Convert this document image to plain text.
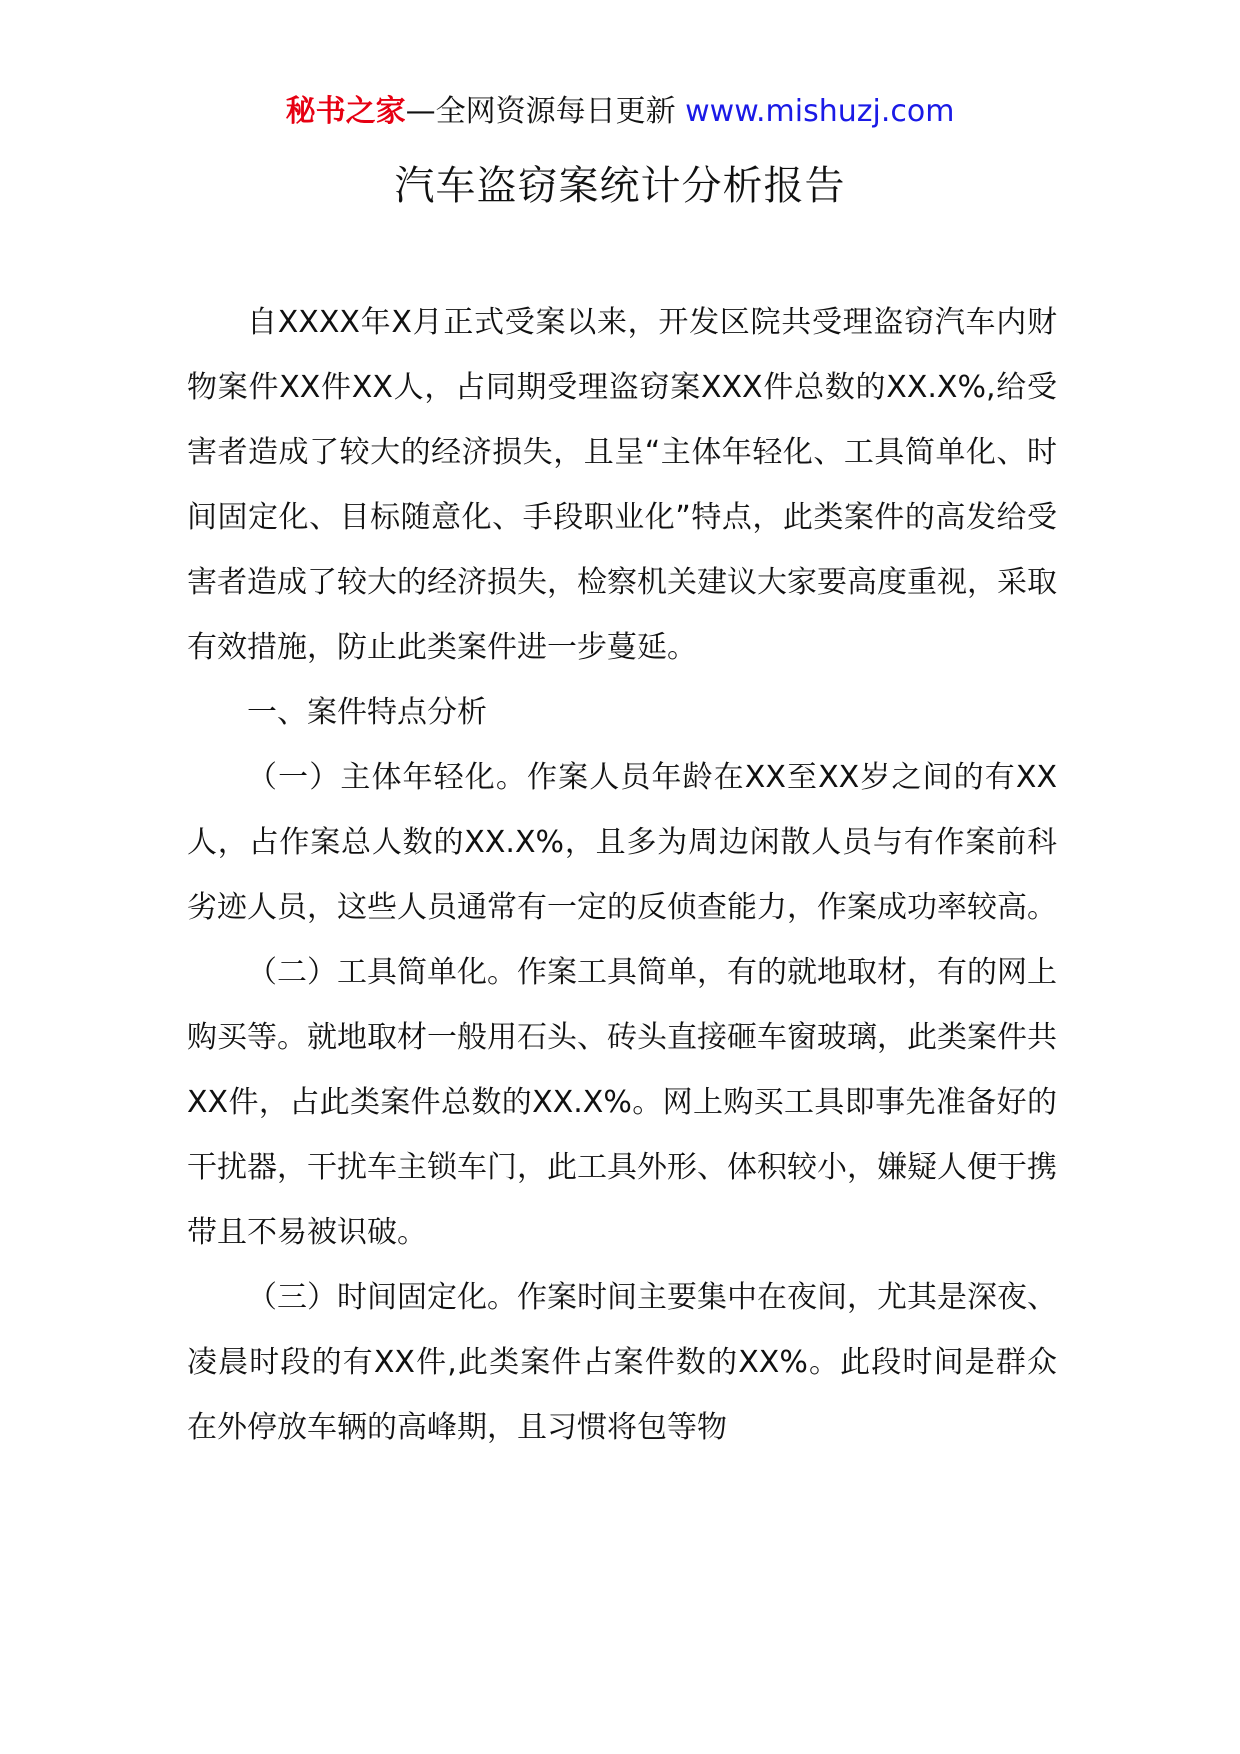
秘书之家—全网资源每日更新 www.mishuzj.com
汽车盗窃案统计分析报告

自XXXX年X月正式受案以来，开发区院共受理盗窃汽车内财物案件XX件XX人，占同期受理盗窃案XXX件总数的XX.X%,给受害者造成了较大的经济损失，且呈“主体年轻化、工具简单化、时间固定化、目标随意化、手段职业化”特点，此类案件的高发给受害者造成了较大的经济损失，检察机关建议大家要高度重视，采取有效措施，防止此类案件进一步蔓延。

一、案件特点分析

（一）主体年轻化。作案人员年龄在XX至XX岁之间的有XX人，占作案总人数的XX.X%，且多为周边闲散人员与有作案前科劣迹人员，这些人员通常有一定的反侦查能力，作案成功率较高。

（二）工具简单化。作案工具简单，有的就地取材，有的网上购买等。就地取材一般用石头、砖头直接砸车窗玻璃，此类案件共XX件，占此类案件总数的XX.X%。网上购买工具即事先准备好的干扰器，干扰车主锁车门，此工具外形、体积较小，嫌疑人便于携带且不易被识破。

（三）时间固定化。作案时间主要集中在夜间，尤其是深夜、凌晨时段的有XX件,此类案件占案件数的XX%。此段时间是群众在外停放车辆的高峰期，且习惯将包等物
